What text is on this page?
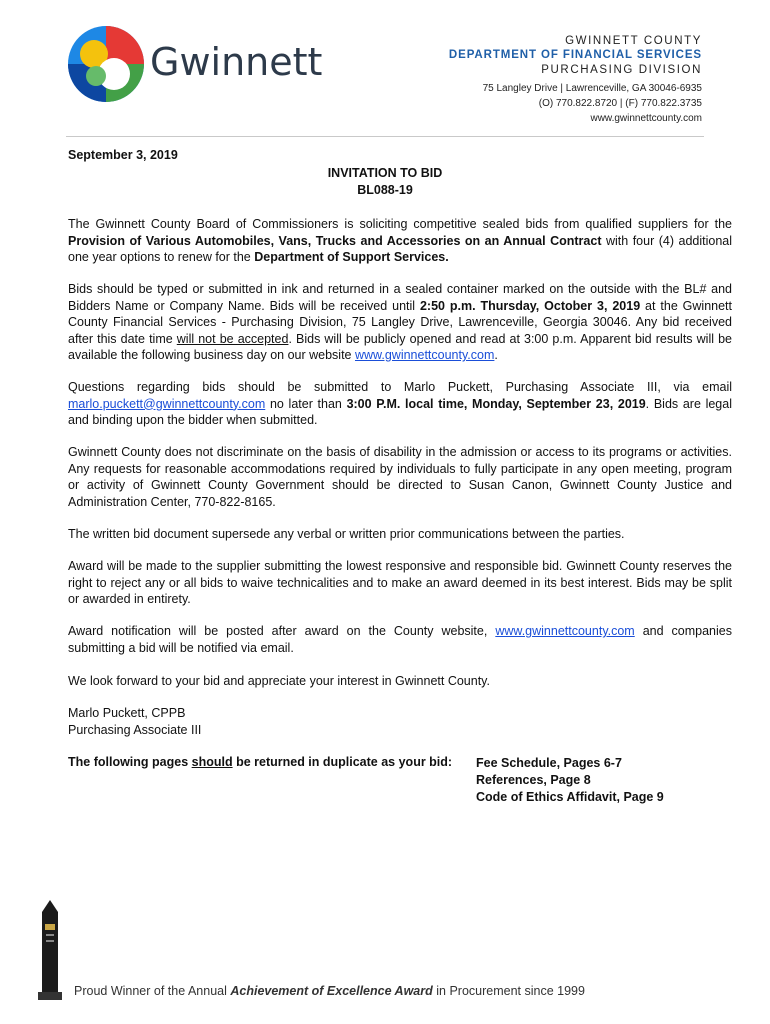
Gwinnett	GWINNETT COUNTY
DEPARTMENT OF FINANCIAL SERVICES
PURCHASING DIVISION
75 Langley Drive | Lawrenceville, GA 30046-6935
(O) 770.822.8720 | (F) 770.822.3735
www.gwinnettcounty.com
September 3, 2019
INVITATION TO BID
BL088-19
The Gwinnett County Board of Commissioners is soliciting competitive sealed bids from qualified suppliers for the Provision of Various Automobiles, Vans, Trucks and Accessories on an Annual Contract with four (4) additional one year options to renew for the Department of Support Services.
Bids should be typed or submitted in ink and returned in a sealed container marked on the outside with the BL# and Bidders Name or Company Name. Bids will be received until 2:50 p.m. Thursday, October 3, 2019 at the Gwinnett County Financial Services - Purchasing Division, 75 Langley Drive, Lawrenceville, Georgia 30046. Any bid received after this date time will not be accepted. Bids will be publicly opened and read at 3:00 p.m. Apparent bid results will be available the following business day on our website www.gwinnettcounty.com.
Questions regarding bids should be submitted to Marlo Puckett, Purchasing Associate III, via email marlo.puckett@gwinnettcounty.com no later than 3:00 P.M. local time, Monday, September 23, 2019. Bids are legal and binding upon the bidder when submitted.
Gwinnett County does not discriminate on the basis of disability in the admission or access to its programs or activities. Any requests for reasonable accommodations required by individuals to fully participate in any open meeting, program or activity of Gwinnett County Government should be directed to Susan Canon, Gwinnett County Justice and Administration Center, 770-822-8165.
The written bid document supersede any verbal or written prior communications between the parties.
Award will be made to the supplier submitting the lowest responsive and responsible bid. Gwinnett County reserves the right to reject any or all bids to waive technicalities and to make an award deemed in its best interest. Bids may be split or awarded in entirety.
Award notification will be posted after award on the County website, www.gwinnettcounty.com and companies submitting a bid will be notified via email.
We look forward to your bid and appreciate your interest in Gwinnett County.
Marlo Puckett, CPPB
Purchasing Associate III
The following pages should be returned in duplicate as your bid: Fee Schedule, Pages 6-7
References, Page 8
Code of Ethics Affidavit, Page 9
Proud Winner of the Annual Achievement of Excellence Award in Procurement since 1999
